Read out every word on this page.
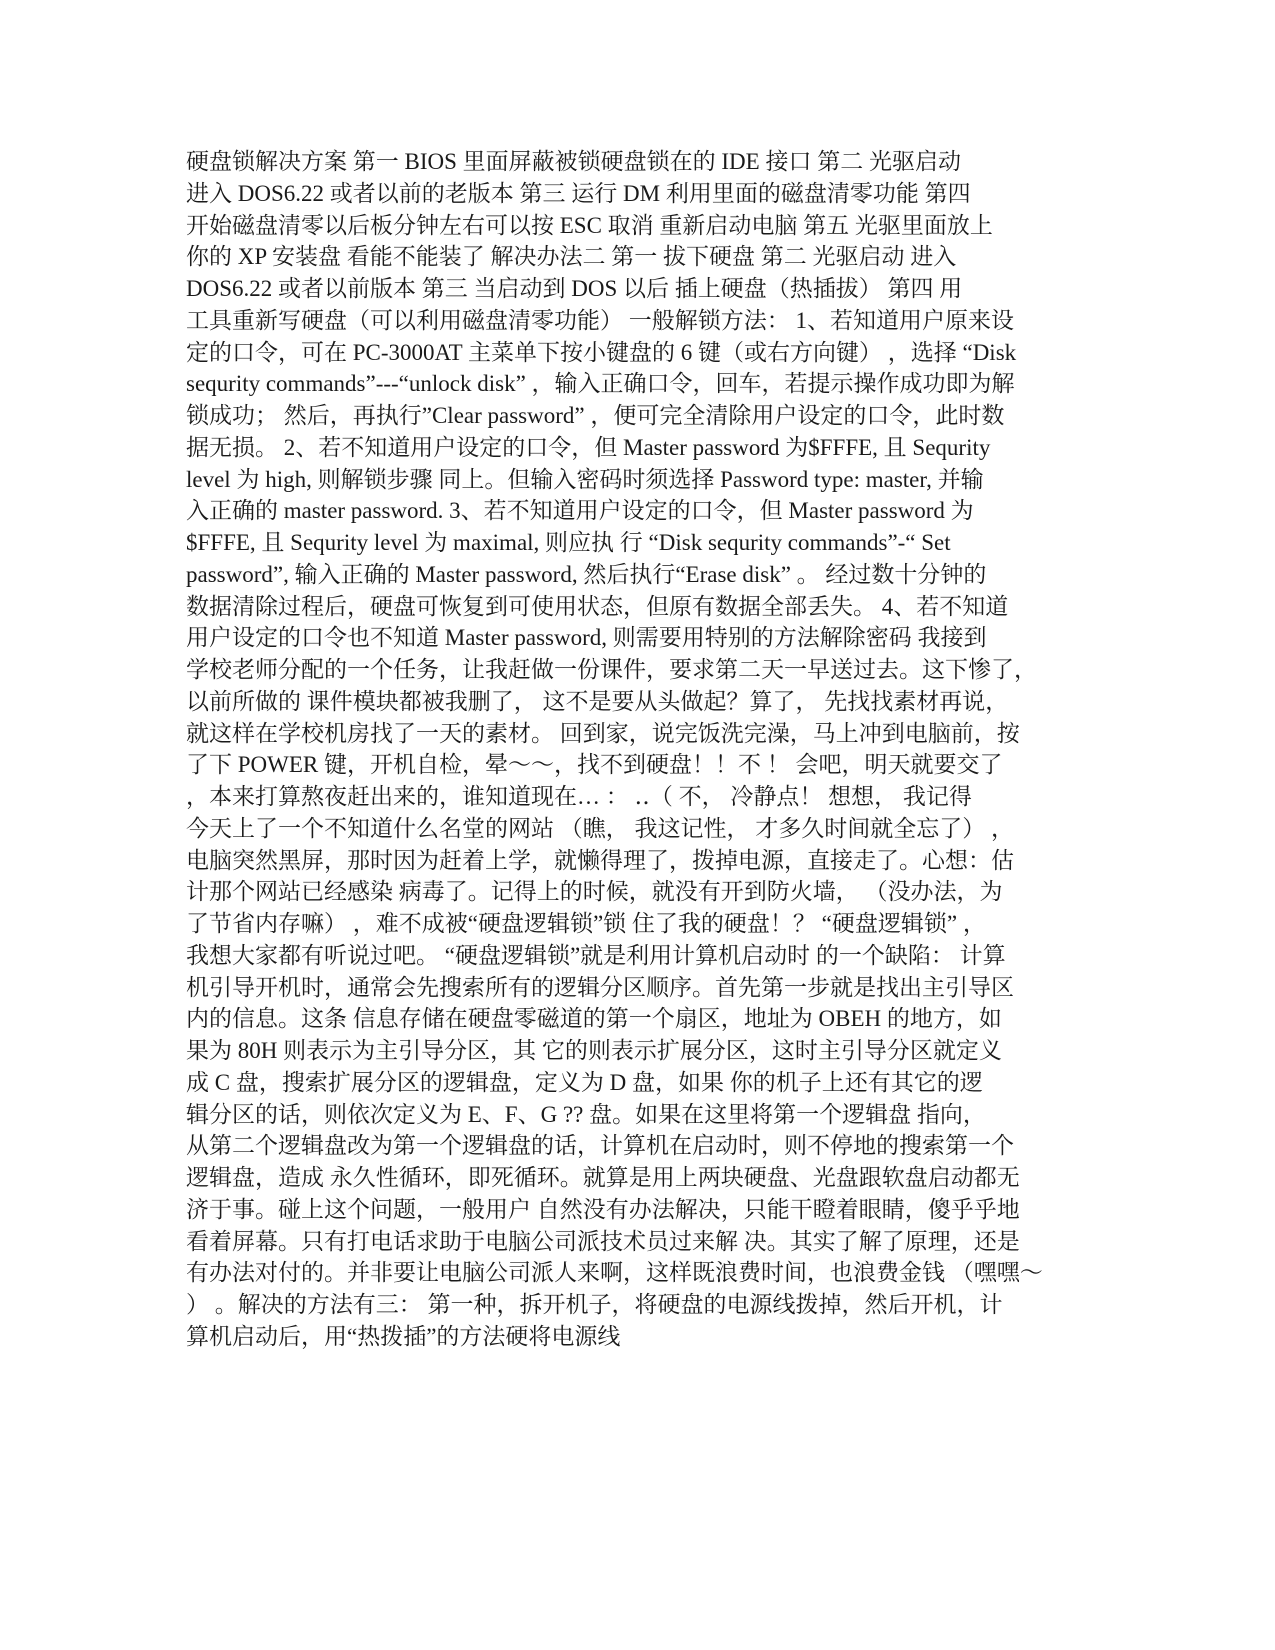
硬盘锁解决方案 第一 BIOS 里面屏蔽被锁硬盘锁在的 IDE 接口 第二 光驱启动
进入 DOS6.22 或者以前的老版本 第三 运行 DM 利用里面的磁盘清零功能 第四
开始磁盘清零以后板分钟左右可以按 ESC 取消 重新启动电脑 第五 光驱里面放上
你的 XP 安装盘 看能不能装了 解决办法二 第一 拔下硬盘 第二 光驱启动 进入
DOS6.22 或者以前版本 第三 当启动到 DOS 以后 插上硬盘（热插拔） 第四 用
工具重新写硬盘（可以利用磁盘清零功能） 一般解锁方法： 1、若知道用户原来设
定的口令，可在 PC-3000AT 主菜单下按小键盘的 6 键（或右方向键） ，选择 “Disk
sequrity commands”---“unlock disk” ，输入正确口令，回车，若提示操作成功即为解
锁成功； 然后，再执行”Clear password” ，便可完全清除用户设定的口令，此时数
据无损。 2、若不知道用户设定的口令，但 Master password 为$FFFE, 且 Sequrity
level 为 high, 则解锁步骤 同上。但输入密码时须选择 Password type: master, 并输
入正确的 master password. 3、若不知道用户设定的口令，但 Master password 为
$FFFE, 且 Sequrity level 为 maximal, 则应执 行 “Disk sequrity commands”-“ Set
password”, 输入正确的 Master password, 然后执行“Erase disk” 。 经过数十分钟的
数据清除过程后，硬盘可恢复到可使用状态，但原有数据全部丢失。 4、若不知道
用户设定的口令也不知道 Master password, 则需要用特别的方法解除密码 我接到
学校老师分配的一个任务，让我赶做一份课件，要求第二天一早送过去。这下惨了，
以前所做的 课件模块都被我删了， 这不是要从头做起？算了， 先找找素材再说，
就这样在学校机房找了一天的素材。 回到家，说完饭洗完澡，马上冲到电脑前，按
了下 POWER 键，开机自检，晕～～，找不到硬盘！！不 ！ 会吧，明天就要交了
，本来打算熬夜赶出来的，谁知道现在… ： ‥（ 不， 冷静点！ 想想， 我记得
今天上了一个不知道什么名堂的网站 （瞧， 我这记性， 才多久时间就全忘了） ，
电脑突然黑屏，那时因为赶着上学，就懒得理了，拨掉电源，直接走了。心想：估
计那个网站已经感染 病毒了。记得上的时候，就没有开到防火墙， （没办法，为
了节省内存嘛） ，难不成被“硬盘逻辑锁”锁 住了我的硬盘！？ “硬盘逻辑锁” ，
我想大家都有听说过吧。 “硬盘逻辑锁”就是利用计算机启动时 的一个缺陷： 计算
机引导开机时，通常会先搜索所有的逻辑分区顺序。首先第一步就是找出主引导区
内的信息。这条 信息存储在硬盘零磁道的第一个扇区，地址为 OBEH 的地方，如
果为 80H 则表示为主引导分区，其 它的则表示扩展分区，这时主引导分区就定义
成 C 盘，搜索扩展分区的逻辑盘，定义为 D 盘，如果 你的机子上还有其它的逻
辑分区的话，则依次定义为 E、F、G ?? 盘。如果在这里将第一个逻辑盘 指向，
从第二个逻辑盘改为第一个逻辑盘的话，计算机在启动时，则不停地的搜索第一个
逻辑盘，造成 永久性循环，即死循环。就算是用上两块硬盘、光盘跟软盘启动都无
济于事。碰上这个问题，一般用户 自然没有办法解决，只能干瞪着眼睛，傻乎乎地
看着屏幕。只有打电话求助于电脑公司派技术员过来解 决。其实了解了原理，还是
有办法对付的。并非要让电脑公司派人来啊，这样既浪费时间，也浪费金钱 （嘿嘿～
） 。解决的方法有三： 第一种，拆开机子，将硬盘的电源线拨掉，然后开机，计
算机启动后，用“热拨插”的方法硬将电源线
